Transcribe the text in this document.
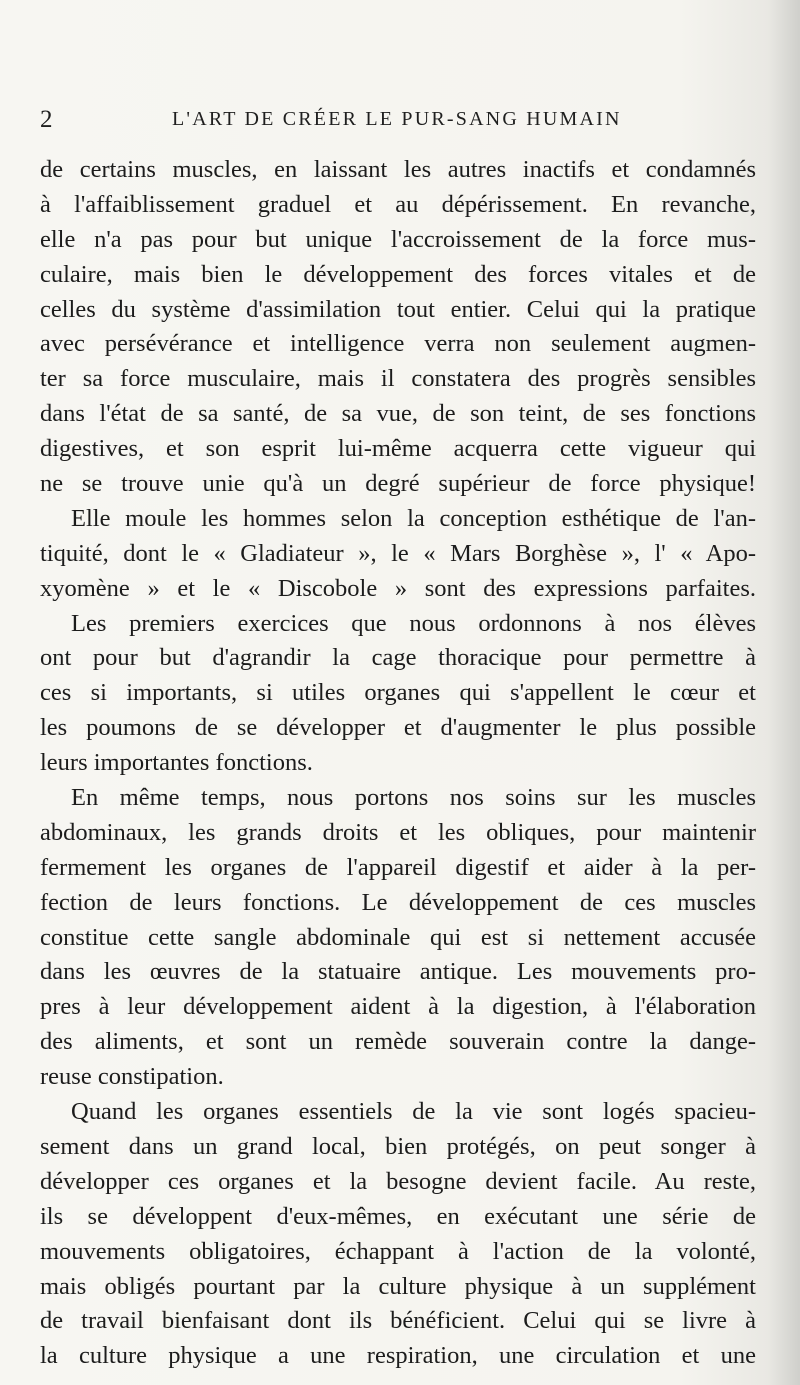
2	L'ART DE CRÉER LE PUR-SANG HUMAIN
de certains muscles, en laissant les autres inactifs et condamnés
à l'affaiblissement graduel et au dépérissement. En revanche,
elle n'a pas pour but unique l'accroissement de la force mus-
culaire, mais bien le développement des forces vitales et de
celles du système d'assimilation tout entier. Celui qui la pratique
avec persévérance et intelligence verra non seulement augmen-
ter sa force musculaire, mais il constatera des progrès sensibles
dans l'état de sa santé, de sa vue, de son teint, de ses fonctions
digestives, et son esprit lui-même acquerra cette vigueur qui
ne se trouve unie qu'à un degré supérieur de force physique!
Elle moule les hommes selon la conception esthétique de l'an-
tiquité, dont le « Gladiateur », le « Mars Borghèse », l' « Apo-
xyomène » et le « Discobole » sont des expressions parfaites.
Les premiers exercices que nous ordonnons à nos élèves
ont pour but d'agrandir la cage thoracique pour permettre à
ces si importants, si utiles organes qui s'appellent le cœur et
les poumons de se développer et d'augmenter le plus possible
leurs importantes fonctions.
En même temps, nous portons nos soins sur les muscles
abdominaux, les grands droits et les obliques, pour maintenir
fermement les organes de l'appareil digestif et aider à la per-
fection de leurs fonctions. Le développement de ces muscles
constitue cette sangle abdominale qui est si nettement accusée
dans les œuvres de la statuaire antique. Les mouvements pro-
pres à leur développement aident à la digestion, à l'élaboration
des aliments, et sont un remède souverain contre la dange-
reuse constipation.
Quand les organes essentiels de la vie sont logés spacieu-
sement dans un grand local, bien protégés, on peut songer à
développer ces organes et la besogne devient facile. Au reste,
ils se développent d'eux-mêmes, en exécutant une série de
mouvements obligatoires, échappant à l'action de la volonté,
mais obligés pourtant par la culture physique à un supplément
de travail bienfaisant dont ils bénéficient. Celui qui se livre à
la culture physique a une respiration, une circulation et une
